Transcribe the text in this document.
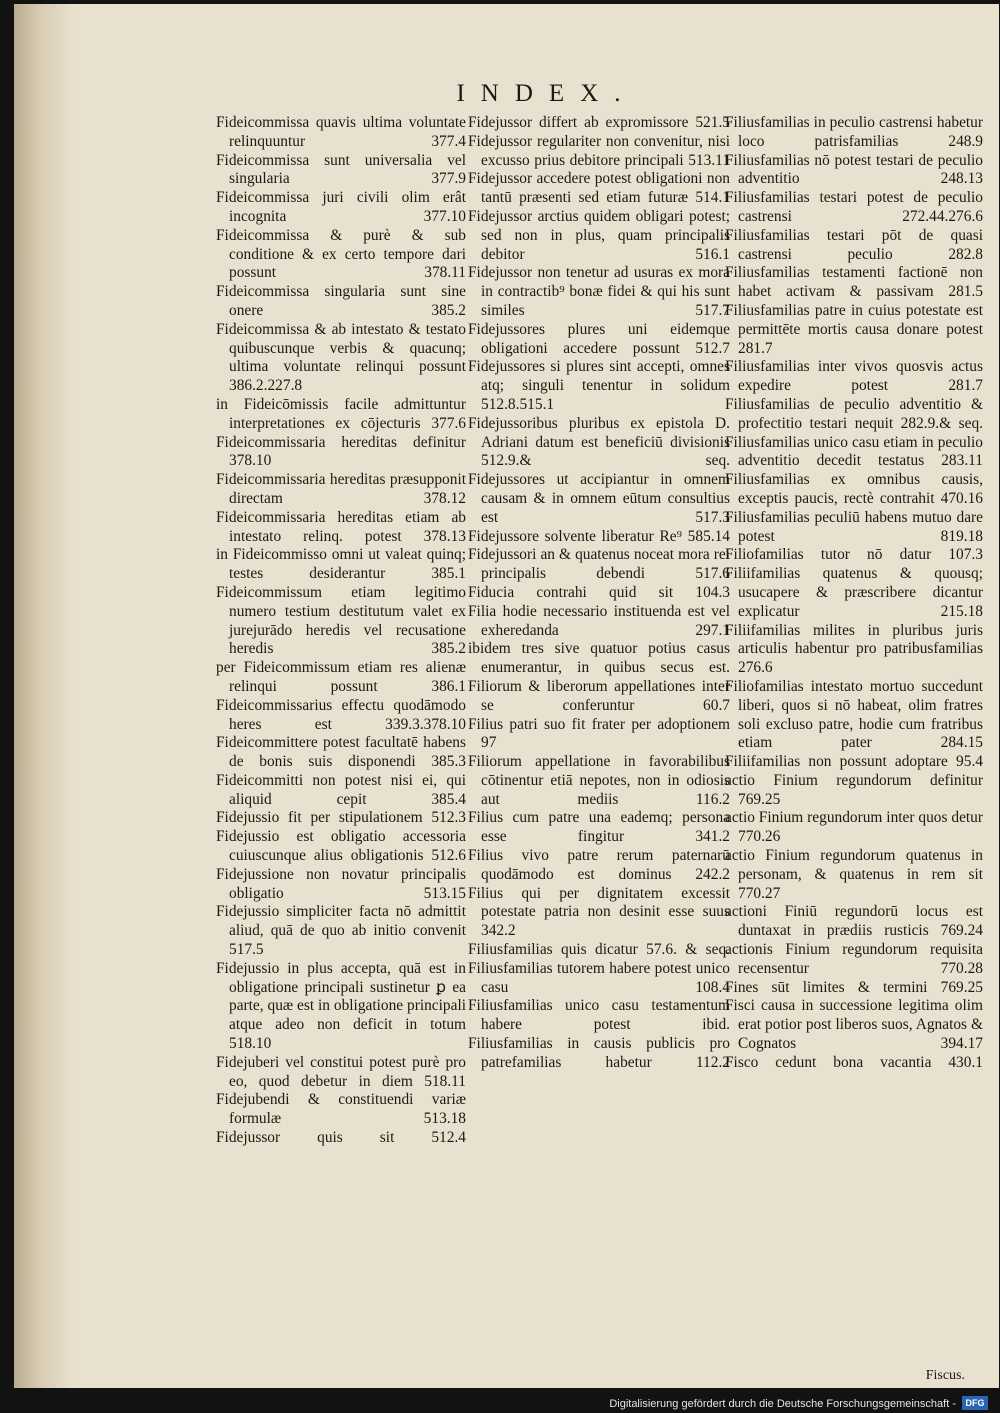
INDEX.

Fideicommissa quavis ultima voluntate relinquuntur 377.4

Fideicommissa sunt universalia vel singularia 377.9

Fideicommissa juri civili olim erât incognita 377.10

Fideicommissa & purè & sub conditione & ex certo tempore dari possunt 378.11

Fideicommissa singularia sunt sine onere 385.2

Fideicommissa & ab intestato & testato quibuscunque verbis & quacunq; ultima voluntate relinqui possunt 386.2.227.8

in Fideicōmissis facile admittuntur interpretationes ex cōjecturis 377.6

Fideicommissaria hereditas definitur 378.10

Fideicommissaria hereditas præsupponit directam 378.12

Fideicommissaria hereditas etiam ab intestato relinq. potest 378.13

in Fideicommisso omni ut valeat quinq; testes desiderantur 385.1

Fideicommissum etiam legitimo numero testium destitutum valet ex jurejurādo heredis vel recusatione heredis 385.2

per Fideicommissum etiam res alienæ relinqui possunt 386.1

Fideicommissarius effectu quodāmodo heres est 339.3.378.10

Fideicommittere potest facultatē habens de bonis suis disponendi 385.3

Fideicommitti non potest nisi ei, qui aliquid cepit 385.4

Fidejussio fit per stipulationem 512.3

Fidejussio est obligatio accessoria cuiuscunque alius obligationis 512.6

Fidejussione non novatur principalis obligatio 513.15

Fidejussio simpliciter facta nō admittit aliud, quā de quo ab initio convenit 517.5

Fidejussio in plus accepta, quā est in obligatione principali sustinetur ꝑ ea parte, quæ est in obligatione principali atque adeo non deficit in totum 518.10

Fidejuberi vel constitui potest purè pro eo, quod debetur in diem 518.11

Fidejubendi & constituendi variæ formulæ 513.18

Fidejussor quis sit 512.4

Fidejussor differt ab expromissore 521.5

Fidejussor regulariter non convenitur, nisi excusso prius debitore principali 513.11

Fidejussor accedere potest obligationi non tantū præsenti sed etiam futuræ 514.1

Fidejussor arctius quidem obligari potest; sed non in plus, quam principalis debitor 516.1

Fidejussor non tenetur ad usuras ex mora in contractib⁹ bonæ fidei & qui his sunt similes 517.7

Fidejussores plures uni eidemque obligationi accedere possunt 512.7

Fidejussores si plures sint accepti, omnes atq; singuli tenentur in solidum 512.8.515.1

Fidejussoribus pluribus ex epistola D. Adriani datum est beneficiū divisionis 512.9.& seq.

Fidejussores ut accipiantur in omnem causam & in omnem eūtum consultius est 517.3

Fidejussore solvente liberatur Re⁹ 585.14

Fidejussori an & quatenus noceat mora rei principalis debendi 517.6

Fiducia contrahi quid sit 104.3

Filia hodie necessario instituenda est vel exheredanda 297.1

ibidem tres sive quatuor potius casus enumerantur, in quibus secus est.

Filiorum & liberorum appellationes inter se conferuntur 60.7

Filius patri suo fit frater per adoptionem 97

Filiorum appellatione in favorabilibus cōtinentur etiā nepotes, non in odiosis aut mediis 116.2

Filius cum patre una eademq; persona esse fingitur 341.2

Filius vivo patre rerum paternarū quodāmodo est dominus 242.2

Filius qui per dignitatem excessit potestate patria non desinit esse suus 342.2

Filiusfamilias quis dicatur 57.6. & seq.

Filiusfamilias tutorem habere potest unico casu 108.4

Filiusfamilias unico casu testamentum habere potest ibid.

Filiusfamilias in causis publicis pro patrefamilias habetur 112.2

Filiusfamilias in peculio castrensi habetur loco patrisfamilias 248.9

Filiusfamilias nō potest testari de peculio adventitio 248.13

Filiusfamilias testari potest de peculio castrensi 272.44.276.6

Filiusfamilias testari pōt de quasi castrensi peculio 282.8

Filiusfamilias testamenti factionē non habet activam & passivam 281.5

Filiusfamilias patre in cuius potestate est permittēte mortis causa donare potest 281.7

Filiusfamilias inter vivos quosvis actus expedire potest 281.7

Filiusfamilias de peculio adventitio & profectitio testari nequit 282.9.& seq.

Filiusfamilias unico casu etiam in peculio adventitio decedit testatus 283.11

Filiusfamilias ex omnibus causis, exceptis paucis, rectè contrahit 470.16

Filiusfamilias peculiū habens mutuo dare potest 819.18

Filiofamilias tutor nō datur 107.3

Filiifamilias quatenus & quousq; usucapere & præscribere dicantur explicatur 215.18

Filiifamilias milites in pluribus juris articulis habentur pro patribusfamilias 276.6

Filiofamilias intestato mortuo succedunt liberi, quos si nō habeat, olim fratres soli excluso patre, hodie cum fratribus etiam pater 284.15

Filiifamilias non possunt adoptare 95.4

actio Finium regundorum definitur 769.25

actio Finium regundorum inter quos detur 770.26

actio Finium regundorum quatenus in personam, & quatenus in rem sit 770.27

actioni Finiū regundorū locus est duntaxat in prædiis rusticis 769.24

actionis Finium regundorum requisita recensentur 770.28

Fines sūt limites & termini 769.25

Fisci causa in successione legitima olim erat potior post liberos suos, Agnatos & Cognatos 394.17

Fisco cedunt bona vacantia 430.1

Fiscus.
Digitalisierung gefördert durch die Deutsche Forschungsgemeinschaft -	DFG
